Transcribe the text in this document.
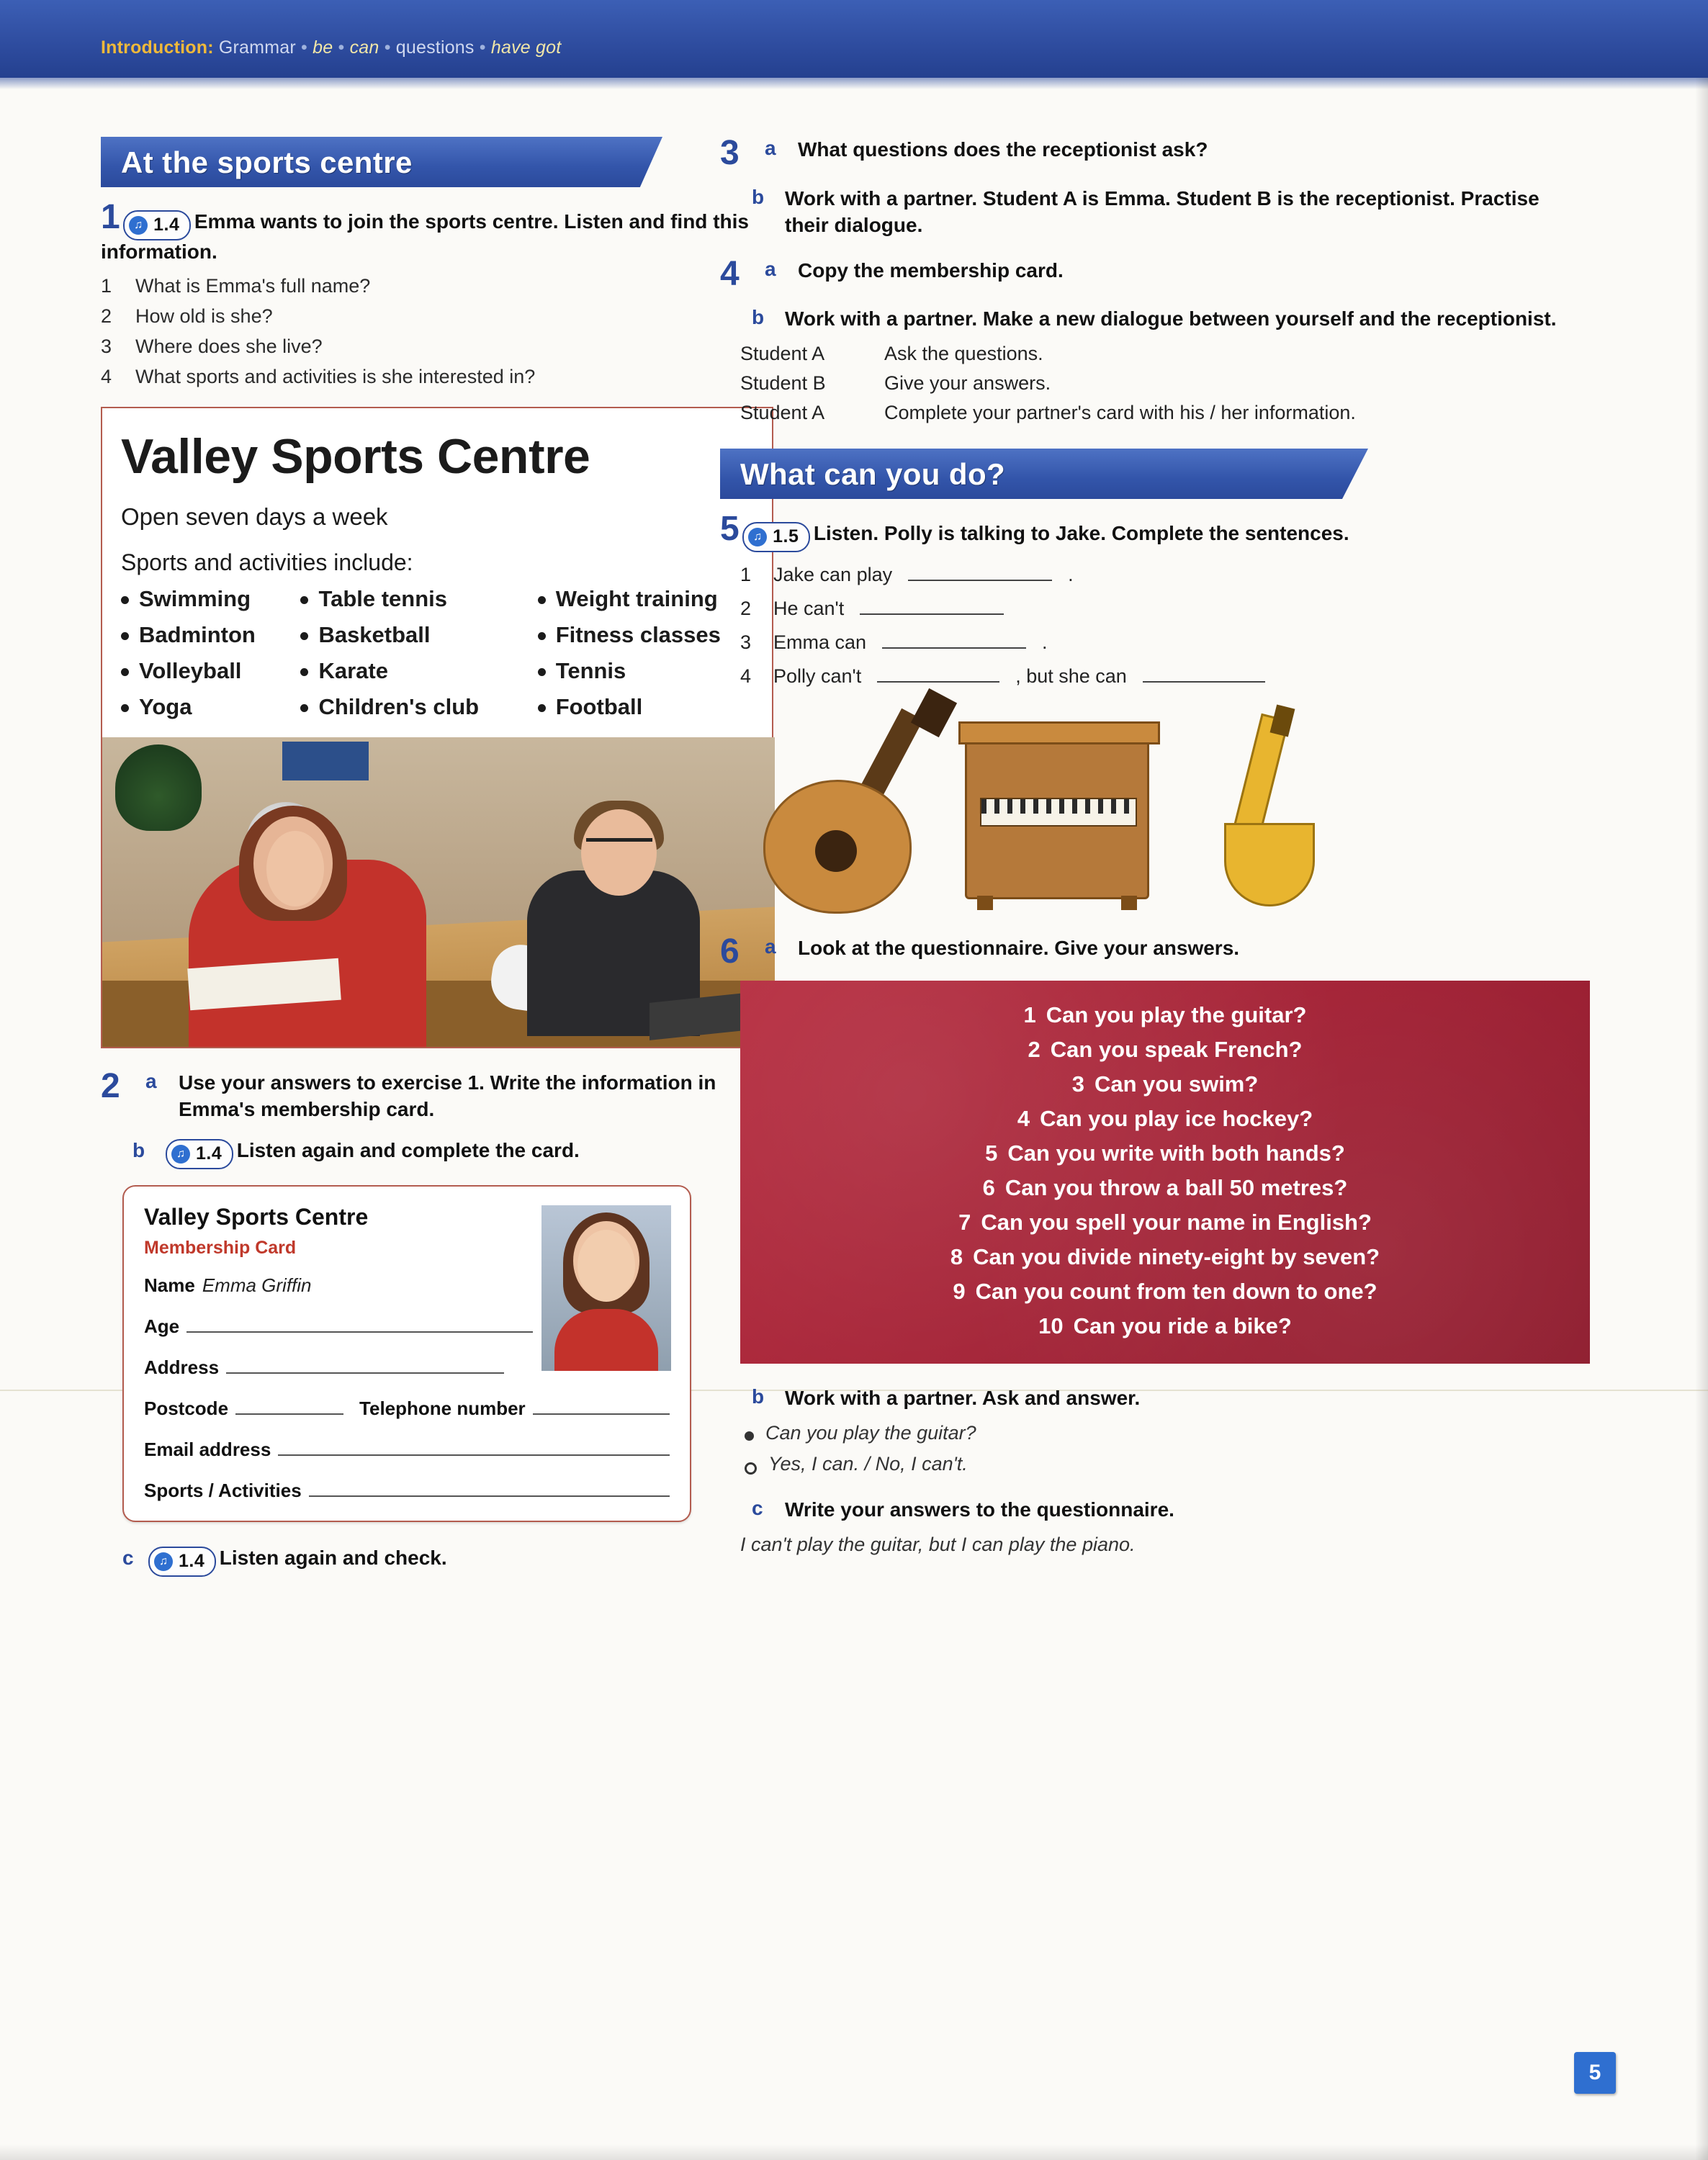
Introduction: Grammar • be • can • questions • have got
At the sports centre
1	♫ 1.4 Emma wants to join the sports centre. Listen and find this information.
1	What is Emma's full name?
2	How old is she?
3	Where does she live?
4	What sports and activities is she interested in?
Valley Sports Centre
Open seven days a week
Sports and activities include:
Swimming
Badminton
Volleyball
Yoga
Table tennis
Basketball
Karate
Children's club
Weight training
Fitness classes
Tennis
Football
2	a	Use your answers to exercise 1. Write the information in Emma's membership card.
b	♫ 1.4 Listen again and complete the card.
Valley Sports Centre
Membership Card
Name Emma Griffin
Age
Address
Postcode	Telephone number
Email address
Sports / Activities
c	♫ 1.4 Listen again and check.
3	a	What questions does the receptionist ask?
b	Work with a partner. Student A is Emma. Student B is the receptionist. Practise their dialogue.
4	a	Copy the membership card.
b	Work with a partner. Make a new dialogue between yourself and the receptionist.
Student A	Ask the questions.
Student B	Give your answers.
Student A	Complete your partner's card with his / her information.
What can you do?
5	♫ 1.5 Listen. Polly is talking to Jake. Complete the sentences.
1	Jake can play	.
2	He can't
3	Emma can	.
4	Polly can't	, but she can
6	a	Look at the questionnaire. Give your answers.
1 Can you play the guitar?
2 Can you speak French?
3 Can you swim?
4 Can you play ice hockey?
5 Can you write with both hands?
6 Can you throw a ball 50 metres?
7 Can you spell your name in English?
8 Can you divide ninety-eight by seven?
9 Can you count from ten down to one?
10 Can you ride a bike?
b	Work with a partner. Ask and answer.
Can you play the guitar?
Yes, I can. / No, I can't.
c	Write your answers to the questionnaire.
I can't play the guitar, but I can play the piano.
5
